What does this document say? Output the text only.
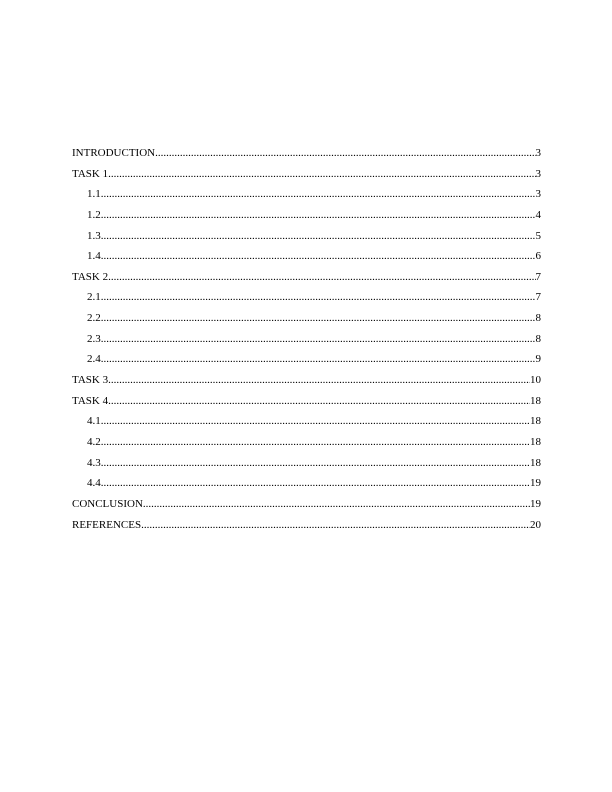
INTRODUCTION .....	3
TASK 1 .....	3
1.1 .....	3
1.2 .....	4
1.3 .....	5
1.4 .....	6
TASK 2 .....	7
2.1 .....	7
2.2 .....	8
2.3 .....	8
2.4 .....	9
TASK 3 .....	10
TASK 4 .....	18
4.1 .....	18
4.2 .....	18
4.3 .....	18
4.4 .....	19
CONCLUSION .....	19
REFERENCES .....	20
